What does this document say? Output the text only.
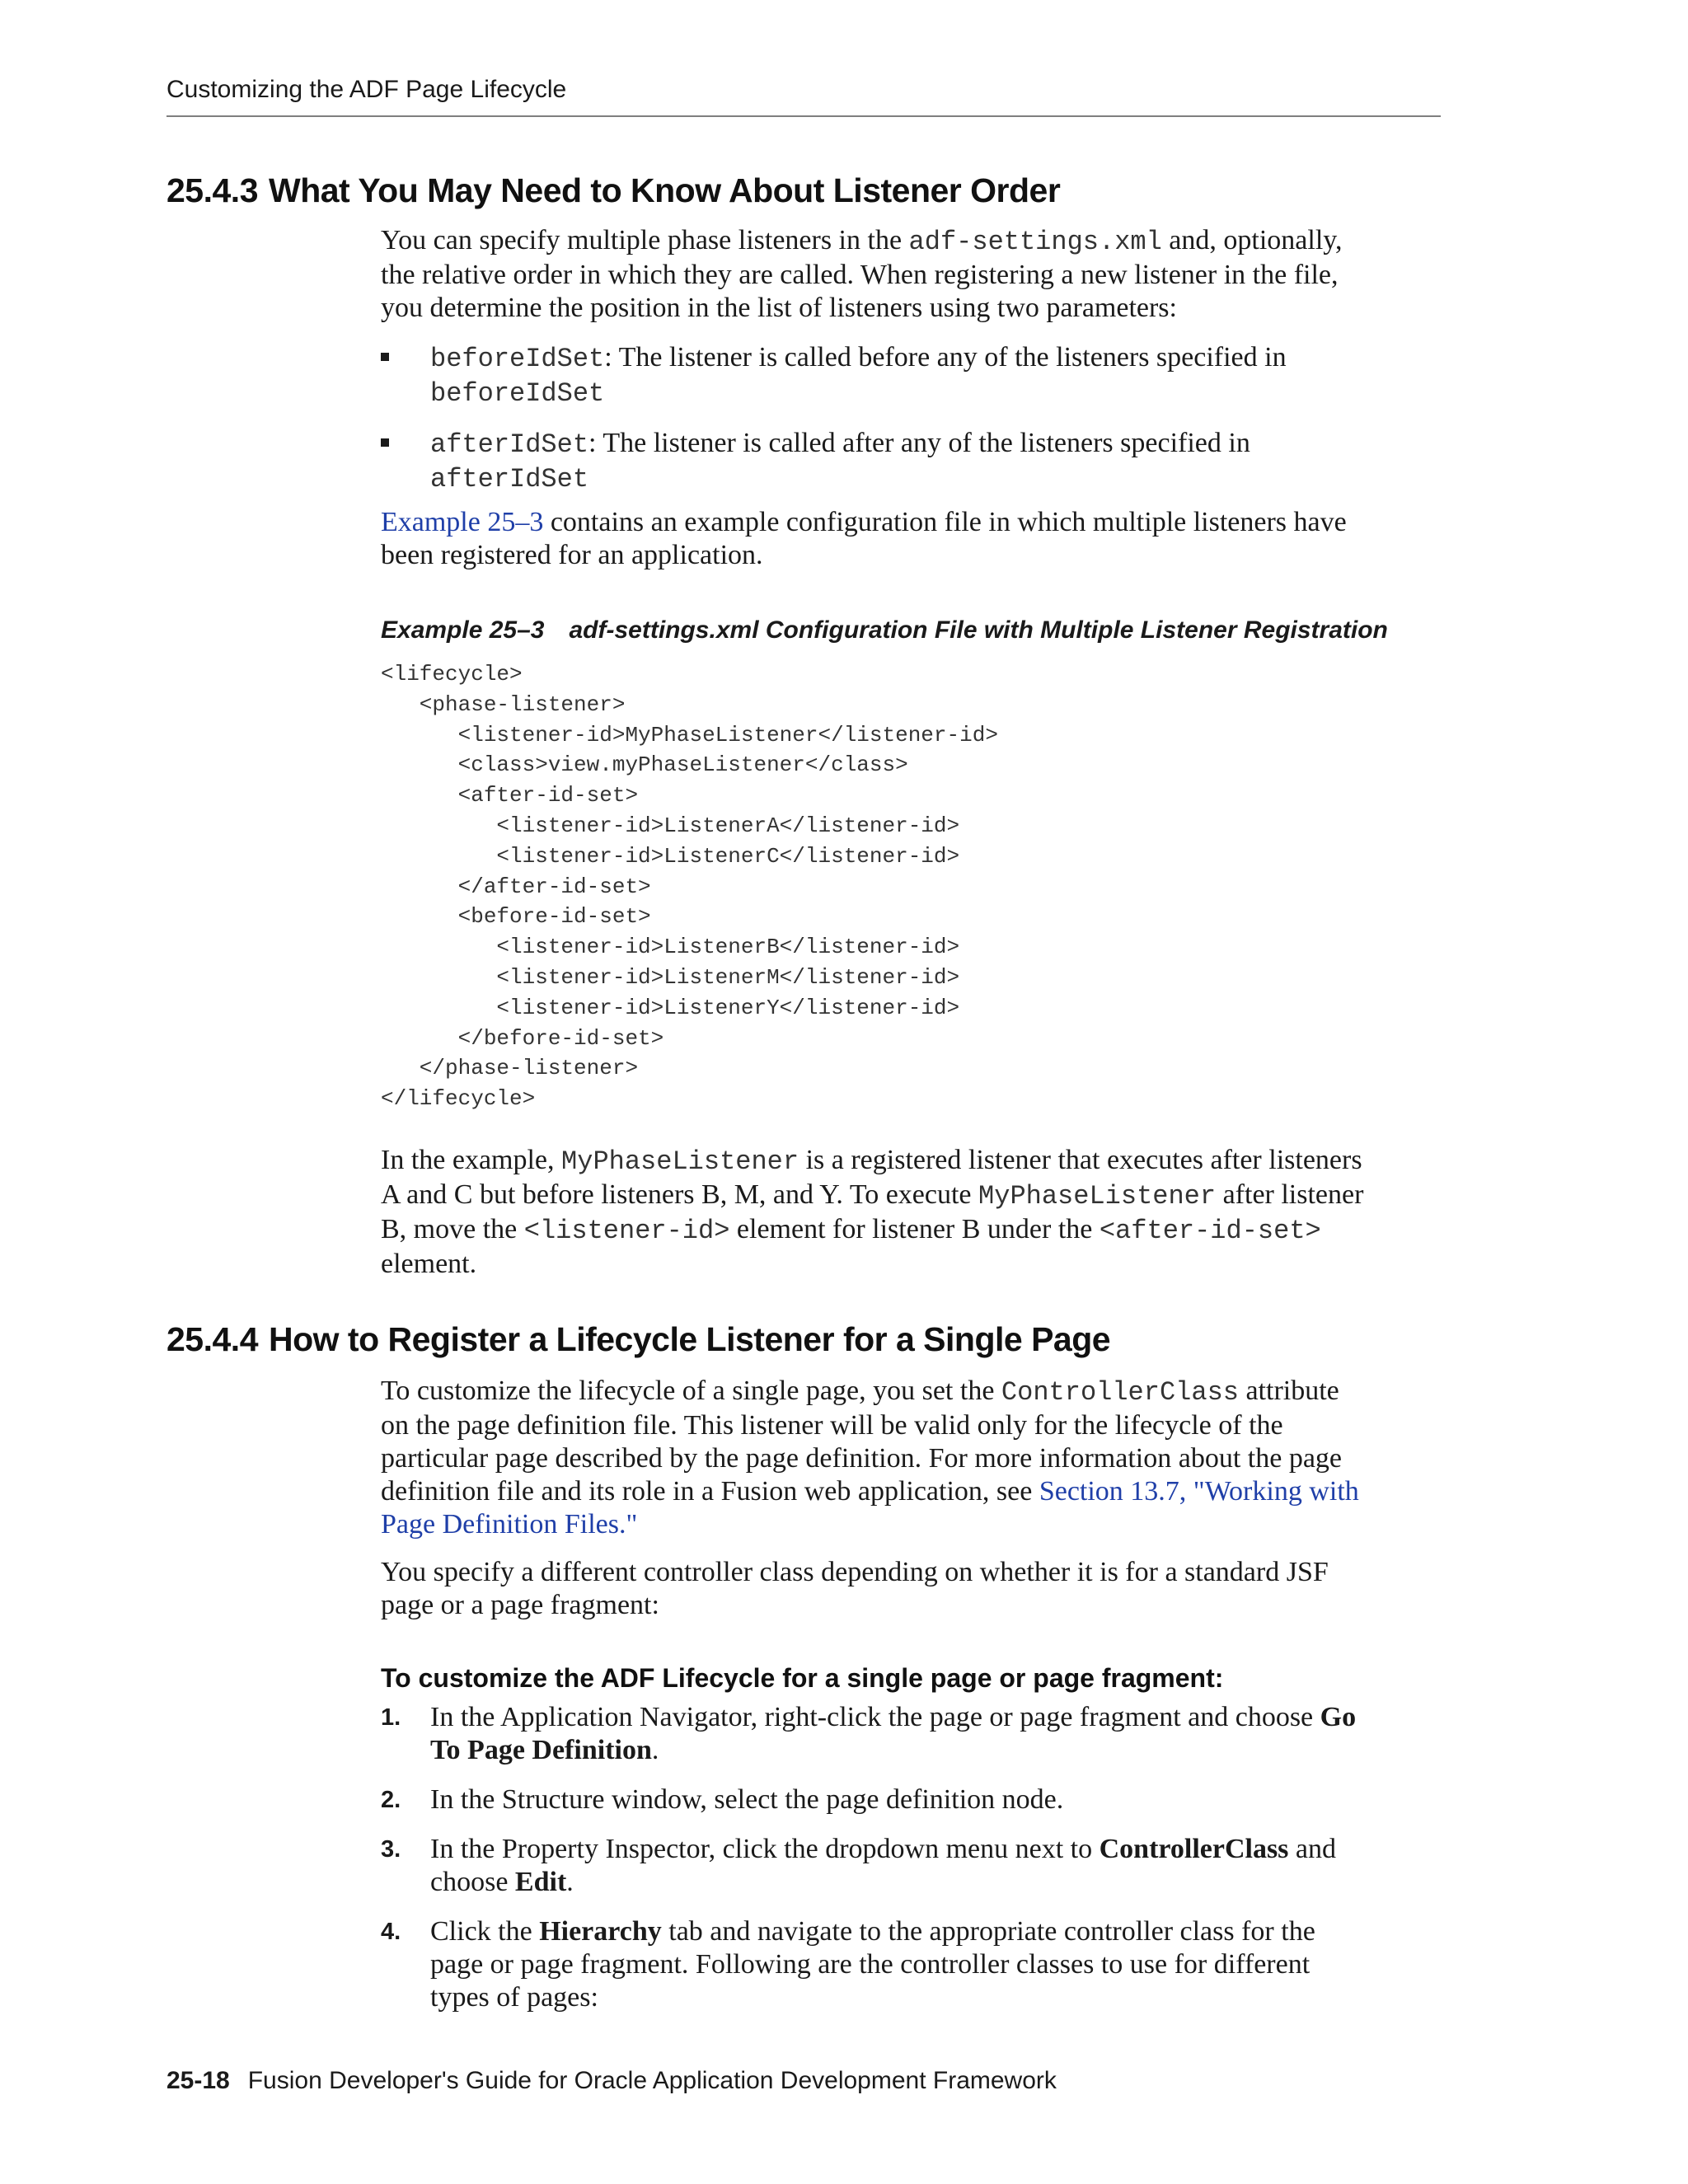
Customizing the ADF Page Lifecycle
25.4.3 What You May Need to Know About Listener Order

You can specify multiple phase listeners in the adf-settings.xml and, optionally,

the relative order in which they are called. When registering a new listener in the file,

you determine the position in the list of listeners using two parameters:

beforeIdSet: The listener is called before any of the listeners specified in
beforeIdSet
afterIdSet: The listener is called after any of the listeners specified in
afterIdSet

Example 25–3 contains an example configuration file in which multiple listeners have

been registered for an application.

Example 25–3 adf-settings.xml Configuration File with Multiple Listener Registration
<lifecycle>
<phase-listener>
<listener-id>MyPhaseListener</listener-id>
<class>view.myPhaseListener</class>
<after-id-set>
<listener-id>ListenerA</listener-id>
<listener-id>ListenerC</listener-id>
</after-id-set>
<before-id-set>
<listener-id>ListenerB</listener-id>
<listener-id>ListenerM</listener-id>
<listener-id>ListenerY</listener-id>
</before-id-set>
</phase-listener>
</lifecycle>

In the example, MyPhaseListener is a registered listener that executes after listeners

A and C but before listeners B, M, and Y. To execute MyPhaseListener after listener

B, move the <listener-id> element for listener B under the <after-id-set>

element.

25.4.4 How to Register a Lifecycle Listener for a Single Page

To customize the lifecycle of a single page, you set the ControllerClass attribute

on the page definition file. This listener will be valid only for the lifecycle of the

particular page described by the page definition. For more information about the page

definition file and its role in a Fusion web application, see Section 13.7, "Working with

Page Definition Files."

You specify a different controller class depending on whether it is for a standard JSF

page or a page fragment:

To customize the ADF Lifecycle for a single page or page fragment:
1. In the Application Navigator, right-click the page or page fragment and choose Go
To Page Definition.
2. In the Structure window, select the page definition node.
3. In the Property Inspector, click the dropdown menu next to ControllerClass and
choose Edit.
4. Click the Hierarchy tab and navigate to the appropriate controller class for the
page or page fragment. Following are the controller classes to use for different
types of pages:
25-18 Fusion Developer's Guide for Oracle Application Development Framework
